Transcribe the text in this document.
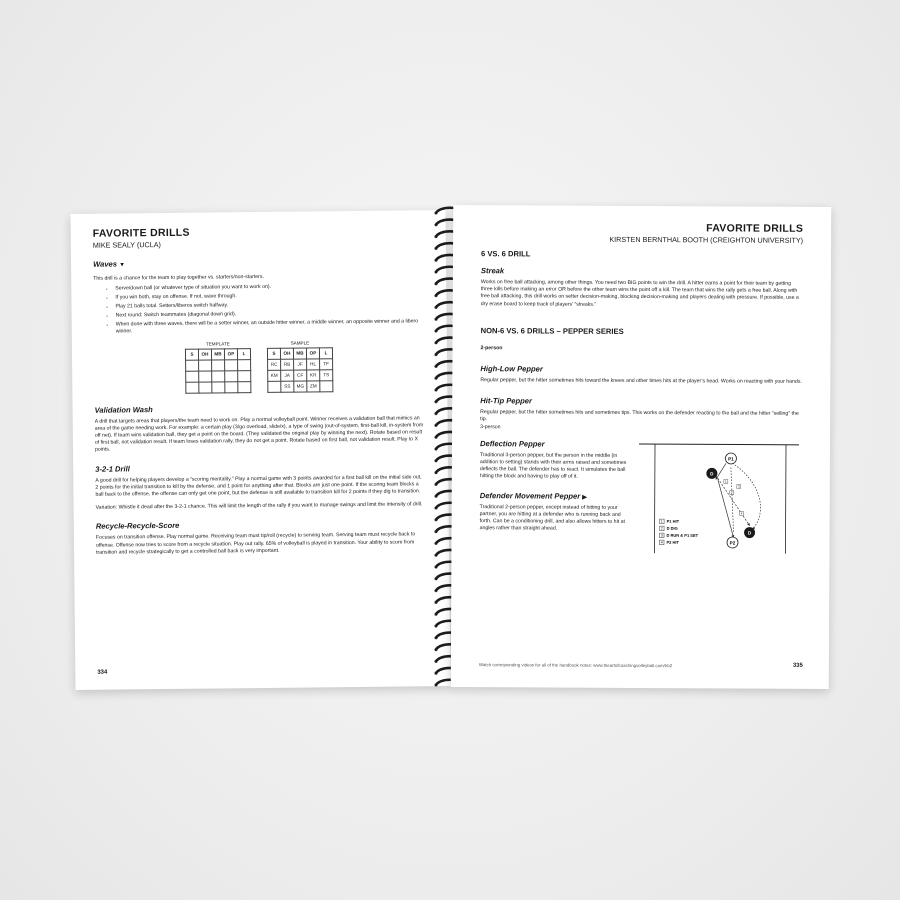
FAVORITE DRILLS
MIKE SEALY (UCLA)
Waves ▼

This drill is a chance for the team to play together vs. starters/non-starters.

• Serve/down ball (or whatever type of situation you want to work on).
• If you win both, stay on offense. If not, wave through.
• Play 21 balls total. Setters/liberos switch halfway.
• Next round: Switch teammates (diagonal down grid).
• When done with three waves, there will be a setter winner, an outside hitter winner, a middle winner, an opposite winner and a libero winner.
TEMPLATE
S	OH	MB	OP	L

SAMPLE
S	OH	MB	OP	L
RC	RB	JF	HL	TF
KM	JA	CF	KR	TS
	SS	MG	ZM	
Validation Wash

A drill that targets areas that players/the team need to work on. Play a normal volleyball point. Winner receives a validation ball that mimics an area of the game needing work. For example: a certain play (3/go overload, slide/x), a type of swing (out-of-system, first-ball kill, in-system from off net). If team wins validation ball, they get a point on the board. (They validated the original play by winning the next). Rotate based on result of first ball, not validation result. If team loses validation rally, they do not get a point. Rotate based on first ball, not validation result. Play to X points.

3-2-1 Drill

A good drill for helping players develop a “scoring mentality.” Play a normal game with 3 points awarded for a first ball kill on the initial side out, 2 points for the initial transition to kill by the defense, and 1 point for anything after that. Blocks are just one point. If the scoring team blocks a ball back to the offense, the offense can only get one point, but the defense is still available to transition kill for 2 points if they dig to transition.

Variation: Whistle it dead after the 3-2-1 chance. This will limit the length of the rally if you want to manage swings and limit the intensity of drill.

Recycle-Recycle-Score

Focuses on transition offense. Play normal game. Receiving team must tip/roll (recycle) to serving team. Serving team must recycle back to offense. Offense now tries to score from a recycle situation. Play out rally. 65% of volleyball is played in transition. Your ability to score from transition and recycle strategically to get a controlled ball back is very important.

334
FAVORITE DRILLS
KIRSTEN BERNTHAL BOOTH (CREIGHTON UNIVERSITY)
6 VS. 6 DRILL
Streak

Works on free ball attacking, among other things. You need two BIG points to win the drill. A hitter earns a point for their team by getting three kills before making an error OR before the other team wins the point off a kill. The team that wins the rally gets a free ball. Along with free ball attacking, this drill works on setter decision-making, blocking decision-making and players dealing with pressure. If possible, use a dry erase board to keep track of players’ “streaks.”

NON-6 VS. 6 DRILLS – PEPPER SERIES

2-person

High-Low Pepper

Regular pepper, but the hitter sometimes hits toward the knees and other times hits at the player’s head. Works on reacting with your hands.

Hit-Tip Pepper

Regular pepper, but the hitter sometimes hits and sometimes tips. This works on the defender reacting to the ball and the hitter “selling” the tip.

3-person

Deflection Pepper

Traditional 3-person pepper, but the person in the middle (in addition to setting) stands with their arms raised and sometimes deflects the ball. The defender has to react. It simulates the ball hitting the block and having to play off of it.

Defender Movement Pepper ▶

Traditional 2-person pepper, except instead of hitting to your partner, you are hitting at a defender who is running back and forth. Can be a conditioning drill, and also allows hitters to hit at angles rather than straight ahead.

P1
D
D
P2
1
2
3
4
1 P1 HIT
2 D DIG
3 D RUN & P1 SET
4 P2 HIT
Watch corresponding videos for all of the handbook notes: www.theartofcoachingvolleyball.com/hb2	335
